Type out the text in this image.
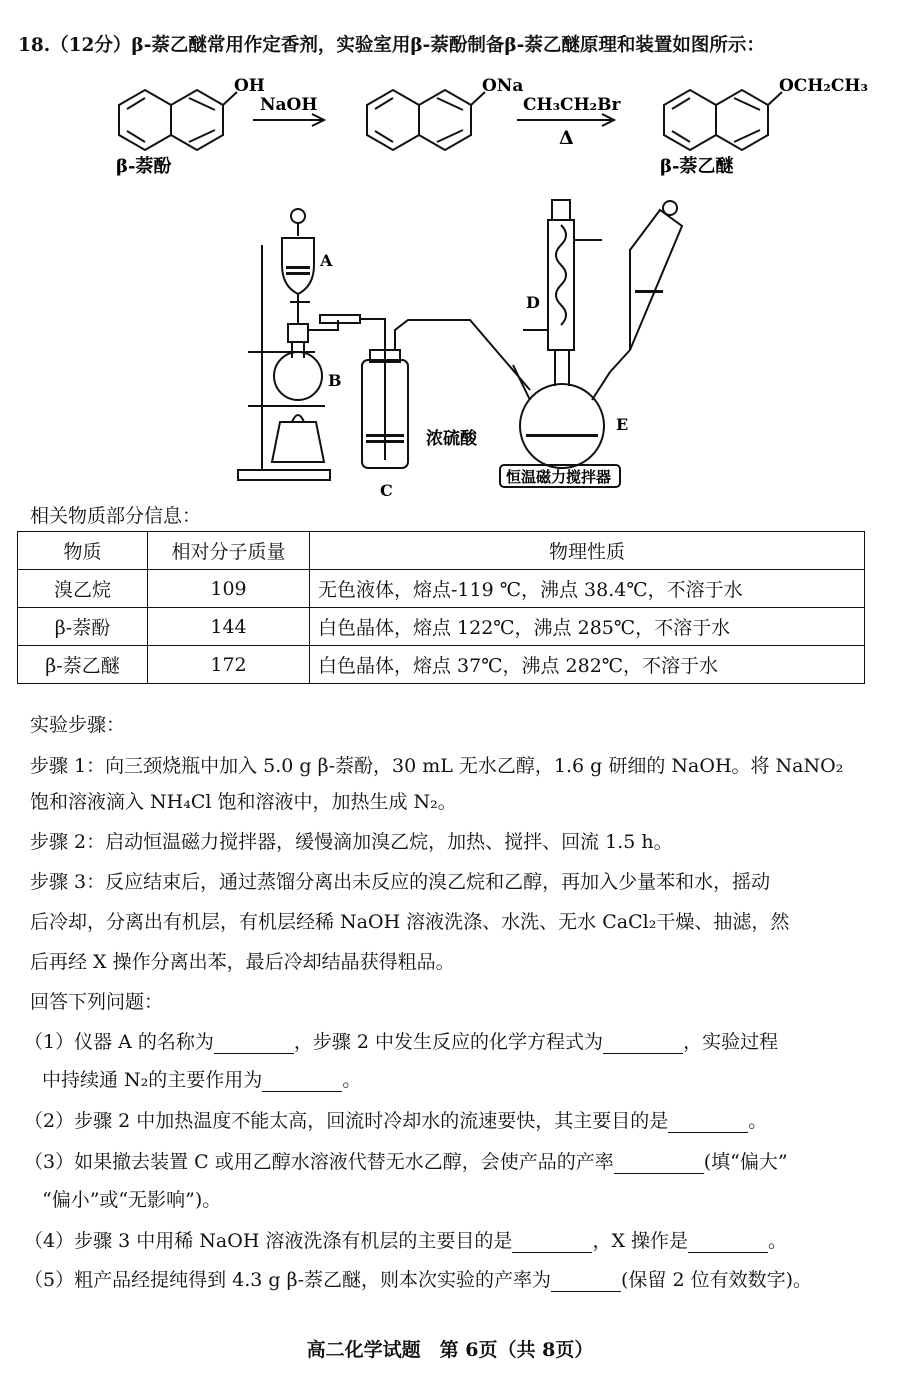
18.（12分）β-萘乙醚常用作定香剂，实验室用β-萘酚制备β-萘乙醚原理和装置如图所示：
OH	ONa	OCH₂CH₃
NaOH	CH₃CH₂Br
Δ
β-萘酚	β-萘乙醚
A
B
C
D
E
浓硫酸
恒温磁力搅拌器
相关物质部分信息：
物质	相对分子质量	物理性质
溴乙烷	109	无色液体，熔点-119 ℃，沸点 38.4℃，不溶于水
β-萘酚	144	白色晶体，熔点 122℃，沸点 285℃，不溶于水
β-萘乙醚	172	白色晶体，熔点 37℃，沸点 282℃，不溶于水
实验步骤：
步骤 1：向三颈烧瓶中加入 5.0 g β-萘酚，30 mL 无水乙醇，1.6 g 研细的 NaOH。将 NaNO₂
饱和溶液滴入 NH₄Cl 饱和溶液中，加热生成 N₂。
步骤 2：启动恒温磁力搅拌器，缓慢滴加溴乙烷，加热、搅拌、回流 1.5 h。
步骤 3：反应结束后，通过蒸馏分离出未反应的溴乙烷和乙醇，再加入少量苯和水，摇动
后冷却，分离出有机层，有机层经稀 NaOH 溶液洗涤、水洗、无水 CaCl₂干燥、抽滤，然
后再经 X 操作分离出苯，最后冷却结晶获得粗品。
回答下列问题：
（1）仪器 A 的名称为	，步骤 2 中发生反应的化学方程式为	，实验过程
中持续通 N₂的主要作用为	。
（2）步骤 2 中加热温度不能太高，回流时冷却水的流速要快，其主要目的是	。
（3）如果撤去装置 C 或用乙醇水溶液代替无水乙醇，会使产品的产率	(填“偏大”
“偏小”或“无影响”)。
（4）步骤 3 中用稀 NaOH 溶液洗涤有机层的主要目的是	，X 操作是	。
（5）粗产品经提纯得到 4.3 g β-萘乙醚，则本次实验的产率为	(保留 2 位有效数字)。
高二化学试题　第 6页（共 8页）
